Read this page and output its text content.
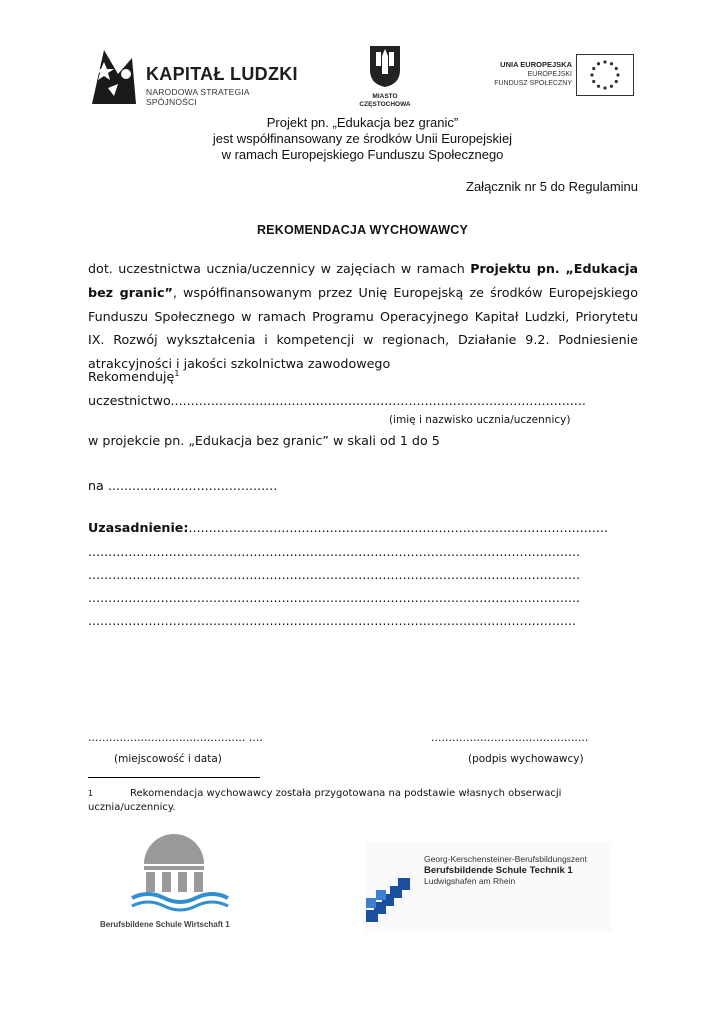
KAPITAŁ LUDZKI
NARODOWA STRATEGIA SPÓJNOŚCI
MIASTO
CZĘSTOCHOWA
UNIA EUROPEJSKA
EUROPEJSKI
FUNDUSZ SPOŁECZNY
Projekt pn. „Edukacja bez granic”
jest współfinansowany ze środków Unii Europejskiej
w ramach Europejskiego Funduszu Społecznego
Załącznik nr 5 do Regulaminu
REKOMENDACJA WYCHOWAWCY
dot. uczestnictwa ucznia/uczennicy w zajęciach w ramach Projektu pn. „Edukacja bez granic”, współfinansowanym przez Unię Europejską ze środków Europejskiego Funduszu Społecznego w ramach Programu Operacyjnego Kapitał Ludzki, Priorytetu IX. Rozwój wykształcenia i kompetencji w regionach, Działanie 9.2. Podniesienie atrakcyjności i jakości szkolnictwa zawodowego
Rekomenduję$^1$
uczestnictwo.......................................................................................................
(imię i nazwisko ucznia/uczennicy)
w projekcie pn. „Edukacja bez granic” w skali od 1 do 5
na ..........................................
Uzasadnienie:........................................................................................................
..........................................................................................................................
..........................................................................................................................
..........................................................................................................................
.........................................................................................................................
............................................. ....
(miejscowość i data)
.............................................
(podpis wychowawcy)
1	Rekomendacja wychowawcy została przygotowana na podstawie własnych obserwacji ucznia/uczennicy.
Berufsbildene Schule Wirtschaft 1
Georg-Kerschensteiner-Berufsbildungszent
Berufsbildende Schule Technik 1
Ludwigshafen am Rhein
